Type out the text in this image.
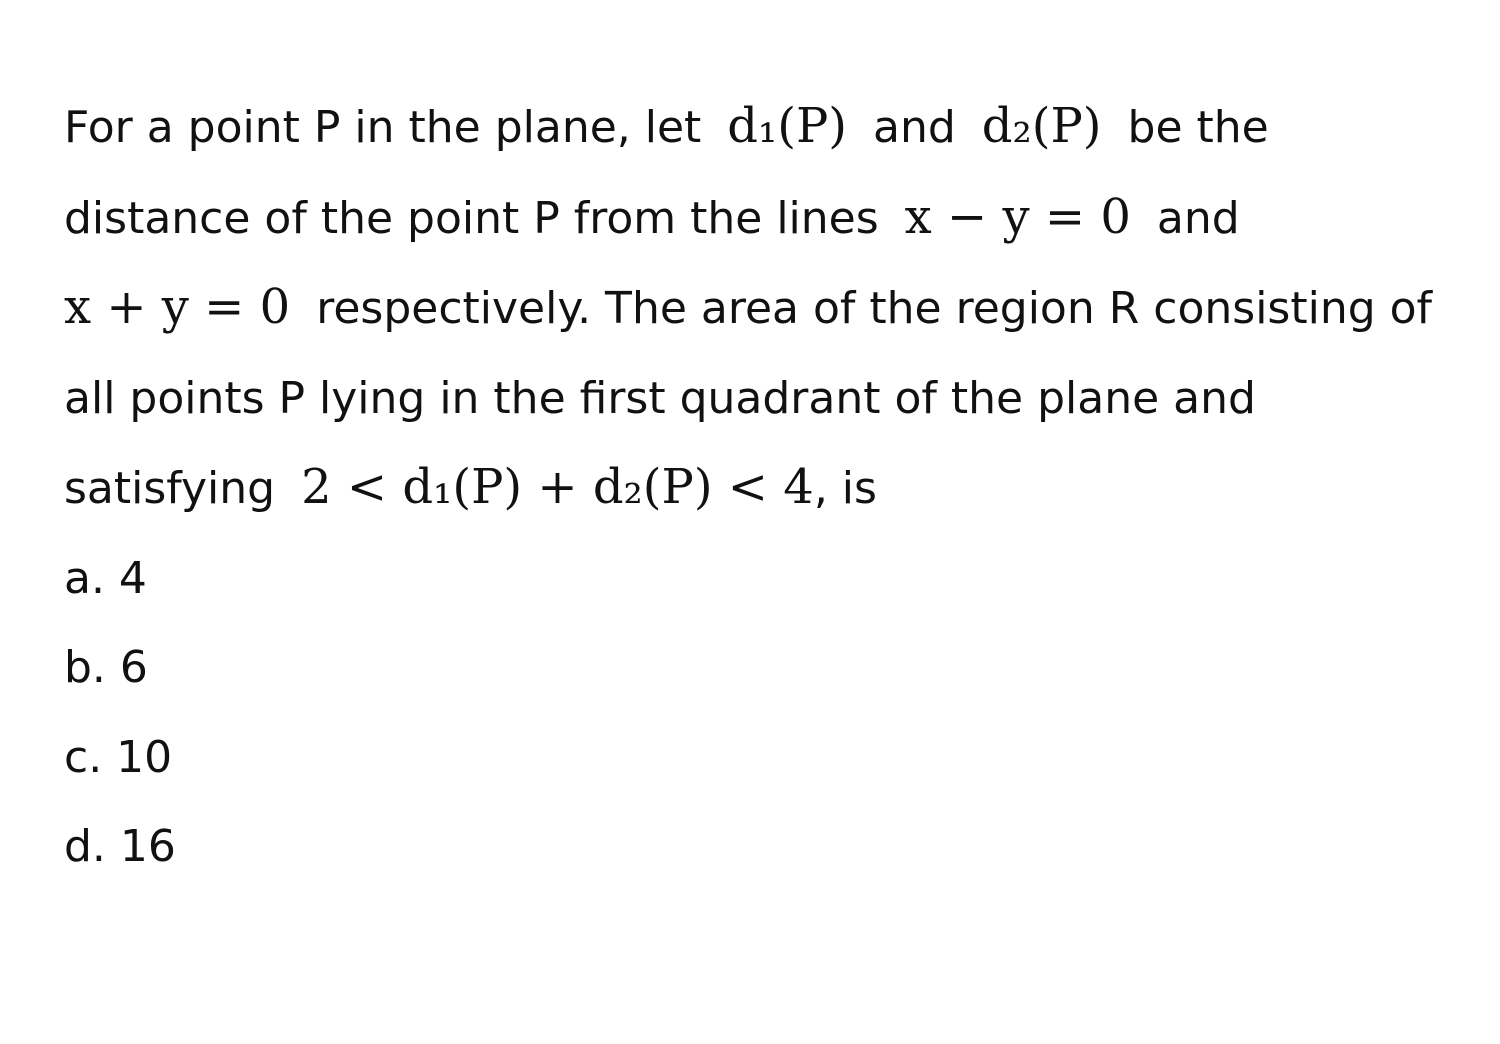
For a point P in the plane, let d₁(P) and d₂(P) be the distance of the point P from the lines x − y = 0 and x + y = 0 respectively. The area of the region R consisting of all points P lying in the first quadrant of the plane and satisfying 2 < d₁(P) + d₂(P) < 4, is

a. 4

b. 6

c. 10

d. 16
